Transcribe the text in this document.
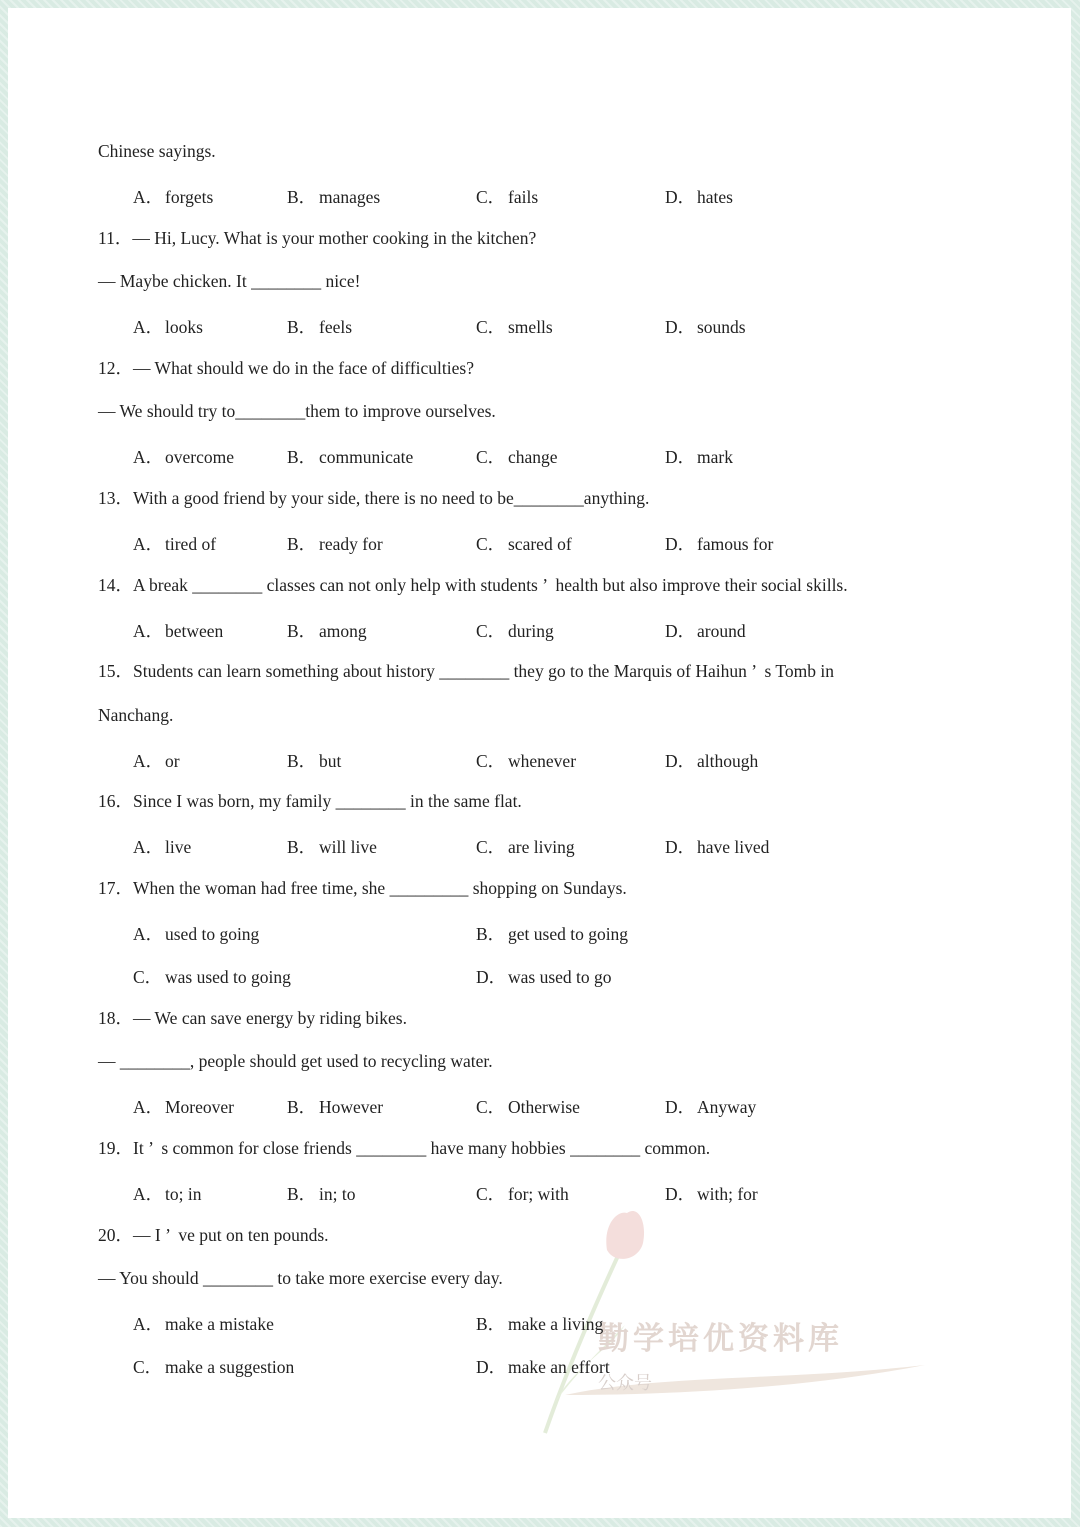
勤学培优资料库
公众号
Chinese sayings.
A． forgets	B． manages	C． fails	D． hates
11．— Hi, Lucy. What is your mother cooking in the kitchen?
— Maybe chicken. It ________ nice!
A． looks	B． feels	C． smells	D． sounds
12．— What should we do in the face of difficulties?
— We should try to________them to improve ourselves.
A． overcome	B． communicate	C． change	D． mark
13．With a good friend by your side, there is no need to be________anything.
A． tired of	B． ready for	C． scared of	D． famous for
14．A break ________ classes can not only help with students ’  health but also improve their social skills.
A． between	B． among	C． during	D． around
15．Students can learn something about history ________ they go to the Marquis of Haihun ’  s Tomb in
Nanchang.
A． or	B． but	C． whenever	D． although
16．Since I was born, my family ________ in the same flat.
A． live	B． will live	C． are living	D． have lived
17．When the woman had free time, she _________ shopping on Sundays.
A． used to going	B． get used to going
C． was used to going	D． was used to go
18．— We can save energy by riding bikes.
— ________, people should get used to recycling water.
A． Moreover	B． However	C． Otherwise	D． Anyway
19．It ’  s common for close friends ________ have many hobbies ________ common.
A． to; in	B． in; to	C． for; with	D． with; for
20．— I ’  ve put on ten pounds.
— You should ________ to take more exercise every day.
A． make a mistake	B． make a living
C． make a suggestion	D． make an effort
